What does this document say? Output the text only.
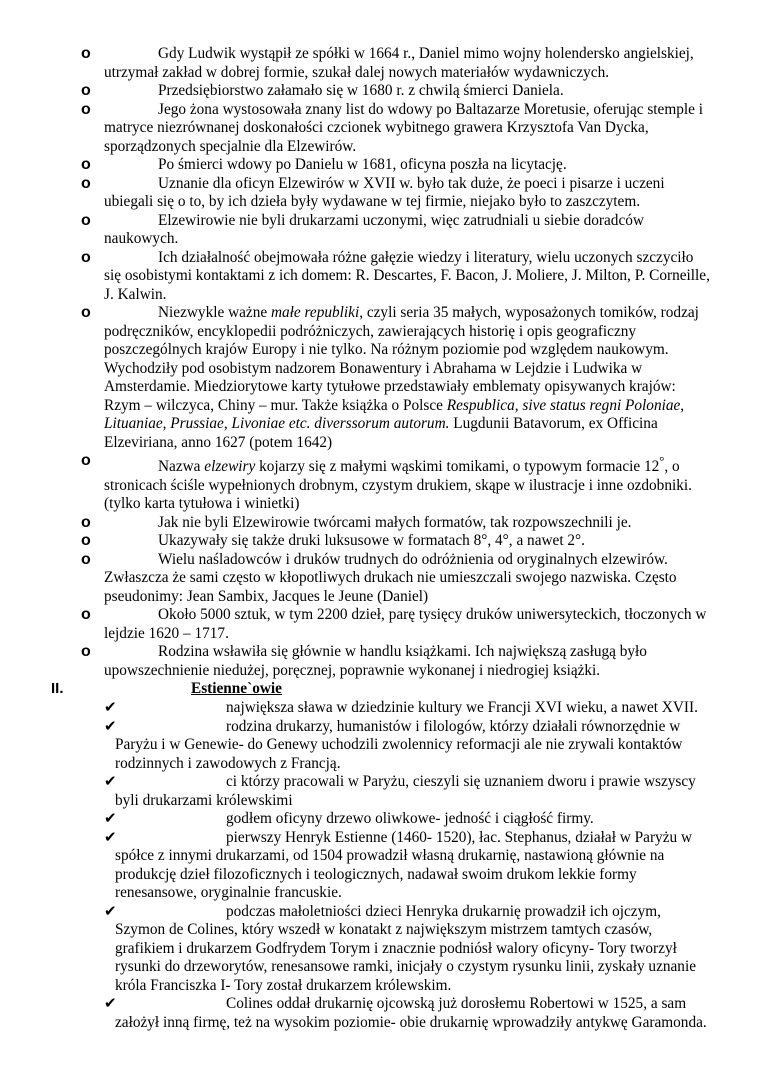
o	Gdy Ludwik wystąpił ze spółki w 1664 r., Daniel mimo wojny holendersko angielskiej, utrzymał zakład w dobrej formie, szukał dalej nowych materiałów wydawniczych.

o	Przedsiębiorstwo załamało się w 1680 r. z chwilą śmierci Daniela.

o	Jego żona wystosowała znany list do wdowy po Baltazarze Moretusie, oferując stemple i matryce niezrównanej doskonałości czcionek wybitnego grawera Krzysztofa Van Dycka, sporządzonych specjalnie dla Elzewirów.

o	Po śmierci wdowy po Danielu w 1681, oficyna poszła na licytację.

o	Uznanie dla oficyn Elzewirów w XVII w. było tak duże, że poeci i pisarze i uczeni ubiegali się o to, by ich dzieła były wydawane w tej firmie, niejako było to zaszczytem.

o	Elzewirowie nie byli drukarzami uczonymi, więc zatrudniali u siebie doradców naukowych.

o	Ich działalność obejmowała różne gałęzie wiedzy i literatury, wielu uczonych szczyciło się osobistymi kontaktami z ich domem: R. Descartes, F. Bacon, J. Moliere, J. Milton, P. Corneille, J. Kalwin.

o	Niezwykle ważne małe republiki, czyli seria 35 małych, wyposażonych tomików, rodzaj podręczników, encyklopedii podróżniczych, zawierających historię i opis geograficzny poszczególnych krajów Europy i nie tylko. Na różnym poziomie pod względem naukowym. Wychodziły pod osobistym nadzorem Bonawentury i Abrahama w Lejdzie i Ludwika w Amsterdamie. Miedziorytowe karty tytułowe przedstawiały emblematy opisywanych krajów: Rzym – wilczyca, Chiny – mur. Także książka o Polsce Respublica, sive status regni Poloniae, Lituaniae, Prussiae, Livoniae etc. diverssorum autorum. Lugdunii Batavorum, ex Officina Elzeviriana, anno 1627 (potem 1642)

o	Nazwa elzewiry kojarzy się z małymi wąskimi tomikami, o typowym formacie 12°, o stronicach ściśle wypełnionych drobnym, czystym drukiem, skąpe w ilustracje i inne ozdobniki. (tylko karta tytułowa i winietki)

o	Jak nie byli Elzewirowie twórcami małych formatów, tak rozpowszechnili je.

o	Ukazywały się także druki luksusowe w formatach 8°, 4°, a nawet 2°.

o	Wielu naśladowców i druków trudnych do odróżnienia od oryginalnych elzewirów. Zwłaszcza że sami często w kłopotliwych drukach nie umieszczali swojego nazwiska. Często pseudonimy: Jean Sambix, Jacques le Jeune (Daniel)

o	Około 5000 sztuk, w tym 2200 dzieł, parę tysięcy druków uniwersyteckich, tłoczonych w lejdzie 1620 – 1717.

o	Rodzina wsławiła się głównie w handlu książkami. Ich największą zasługą było upowszechnienie niedużej, poręcznej, poprawnie wykonanej i niedrogiej książki.

II.	Estienne`owie

✔	największa sława w dziedzinie kultury we Francji XVI wieku, a nawet XVII.

✔	rodzina drukarzy, humanistów i filologów, którzy działali równorzędnie w Paryżu i w Genewie- do Genewy uchodzili zwolennicy reformacji ale nie zrywali kontaktów rodzinnych i zawodowych z Francją.

✔	ci którzy pracowali w Paryżu, cieszyli się uznaniem dworu i prawie wszyscy byli drukarzami królewskimi

✔	godłem oficyny drzewo oliwkowe- jedność i ciągłość firmy.

✔	pierwszy Henryk Estienne (1460- 1520), łac. Stephanus, działał w Paryżu w spółce z innymi drukarzami, od 1504 prowadził własną drukarnię, nastawioną głównie na produkcję dzieł filozoficznych i teologicznych, nadawał swoim drukom lekkie formy renesansowe, oryginalnie francuskie.

✔	podczas małoletniości dzieci Henryka drukarnię prowadził ich ojczym, Szymon de Colines, który wszedł w konatakt z największym mistrzem tamtych czasów, grafikiem i drukarzem Godfrydem Torym i znacznie podniósł walory oficyny- Tory tworzył rysunki do drzeworytów, renesansowe ramki, inicjały o czystym rysunku linii, zyskały uznanie króla Franciszka I- Tory został drukarzem królewskim.

✔	Colines oddał drukarnię ojcowską już dorosłemu Robertowi w 1525, a sam założył inną firmę, też na wysokim poziomie- obie drukarnię wprowadziły antykwę Garamonda.
